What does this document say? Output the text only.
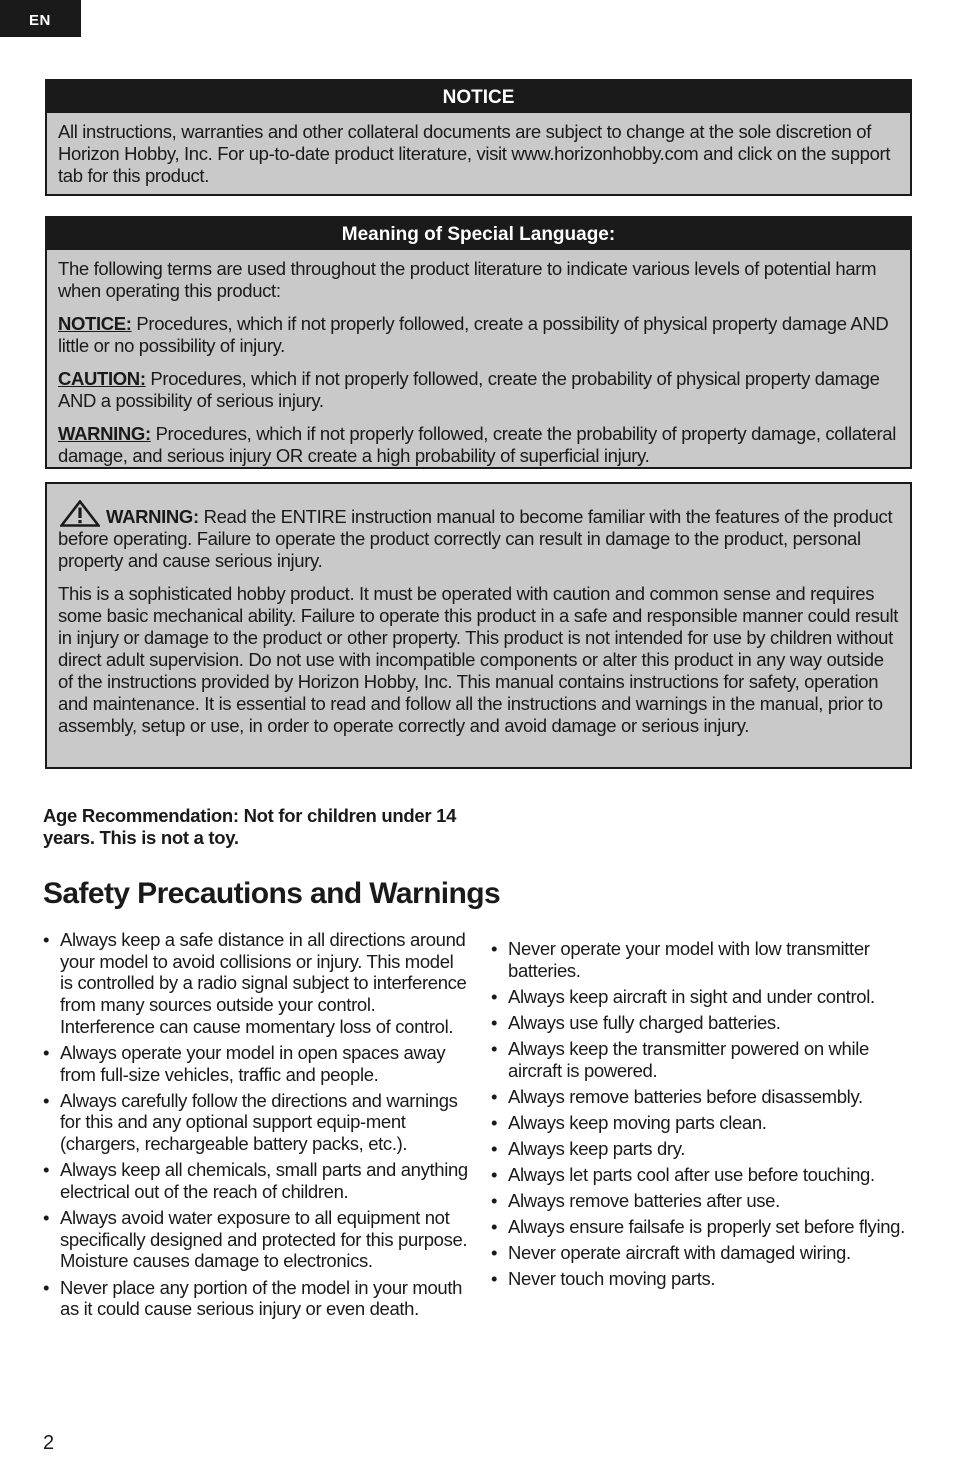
EN
NOTICE

All instructions, warranties and other collateral documents are subject to change at the sole discretion of Horizon Hobby, Inc. For up-to-date product literature, visit www.horizonhobby.com and click on the support tab for this product.

Meaning of Special Language:

The following terms are used throughout the product literature to indicate various levels of potential harm when operating this product:

NOTICE: Procedures, which if not properly followed, create a possibility of physical property damage AND little or no possibility of injury.

CAUTION: Procedures, which if not properly followed, create the probability of physical property damage AND a possibility of serious injury.

WARNING: Procedures, which if not properly followed, create the probability of property damage, collateral damage, and serious injury OR create a high probability of superficial injury.

WARNING: Read the ENTIRE instruction manual to become familiar with the features of the product before operating. Failure to operate the product correctly can result in damage to the product, personal property and cause serious injury.

This is a sophisticated hobby product. It must be operated with caution and common sense and requires some basic mechanical ability. Failure to operate this product in a safe and responsible manner could result in injury or damage to the product or other property. This product is not intended for use by children without direct adult supervision. Do not use with incompatible components or alter this product in any way outside of the instructions provided by Horizon Hobby, Inc. This manual contains instructions for safety, operation and maintenance. It is essential to read and follow all the instructions and warnings in the manual, prior to assembly, setup or use, in order to operate correctly and avoid damage or serious injury.

Age Recommendation: Not for children under 14 years. This is not a toy.
Safety Precautions and Warnings
• Always keep a safe distance in all directions around your model to avoid collisions or injury. This model is controlled by a radio signal subject to interference from many sources outside your control. Interference can cause momentary loss of control.
• Always operate your model in open spaces away from full-size vehicles, traffic and people.
• Always carefully follow the directions and warnings for this and any optional support equip-ment (chargers, rechargeable battery packs, etc.).
• Always keep all chemicals, small parts and anything electrical out of the reach of children.
• Always avoid water exposure to all equipment not specifically designed and protected for this purpose. Moisture causes damage to electronics.
• Never place any portion of the model in your mouth as it could cause serious injury or even death.
• Never operate your model with low transmitter batteries.
• Always keep aircraft in sight and under control.
• Always use fully charged batteries.
• Always keep the transmitter powered on while aircraft is powered.
• Always remove batteries before disassembly.
• Always keep moving parts clean.
• Always keep parts dry.
• Always let parts cool after use before touching.
• Always remove batteries after use.
• Always ensure failsafe is properly set before flying.
• Never operate aircraft with damaged wiring.
• Never touch moving parts.
2
